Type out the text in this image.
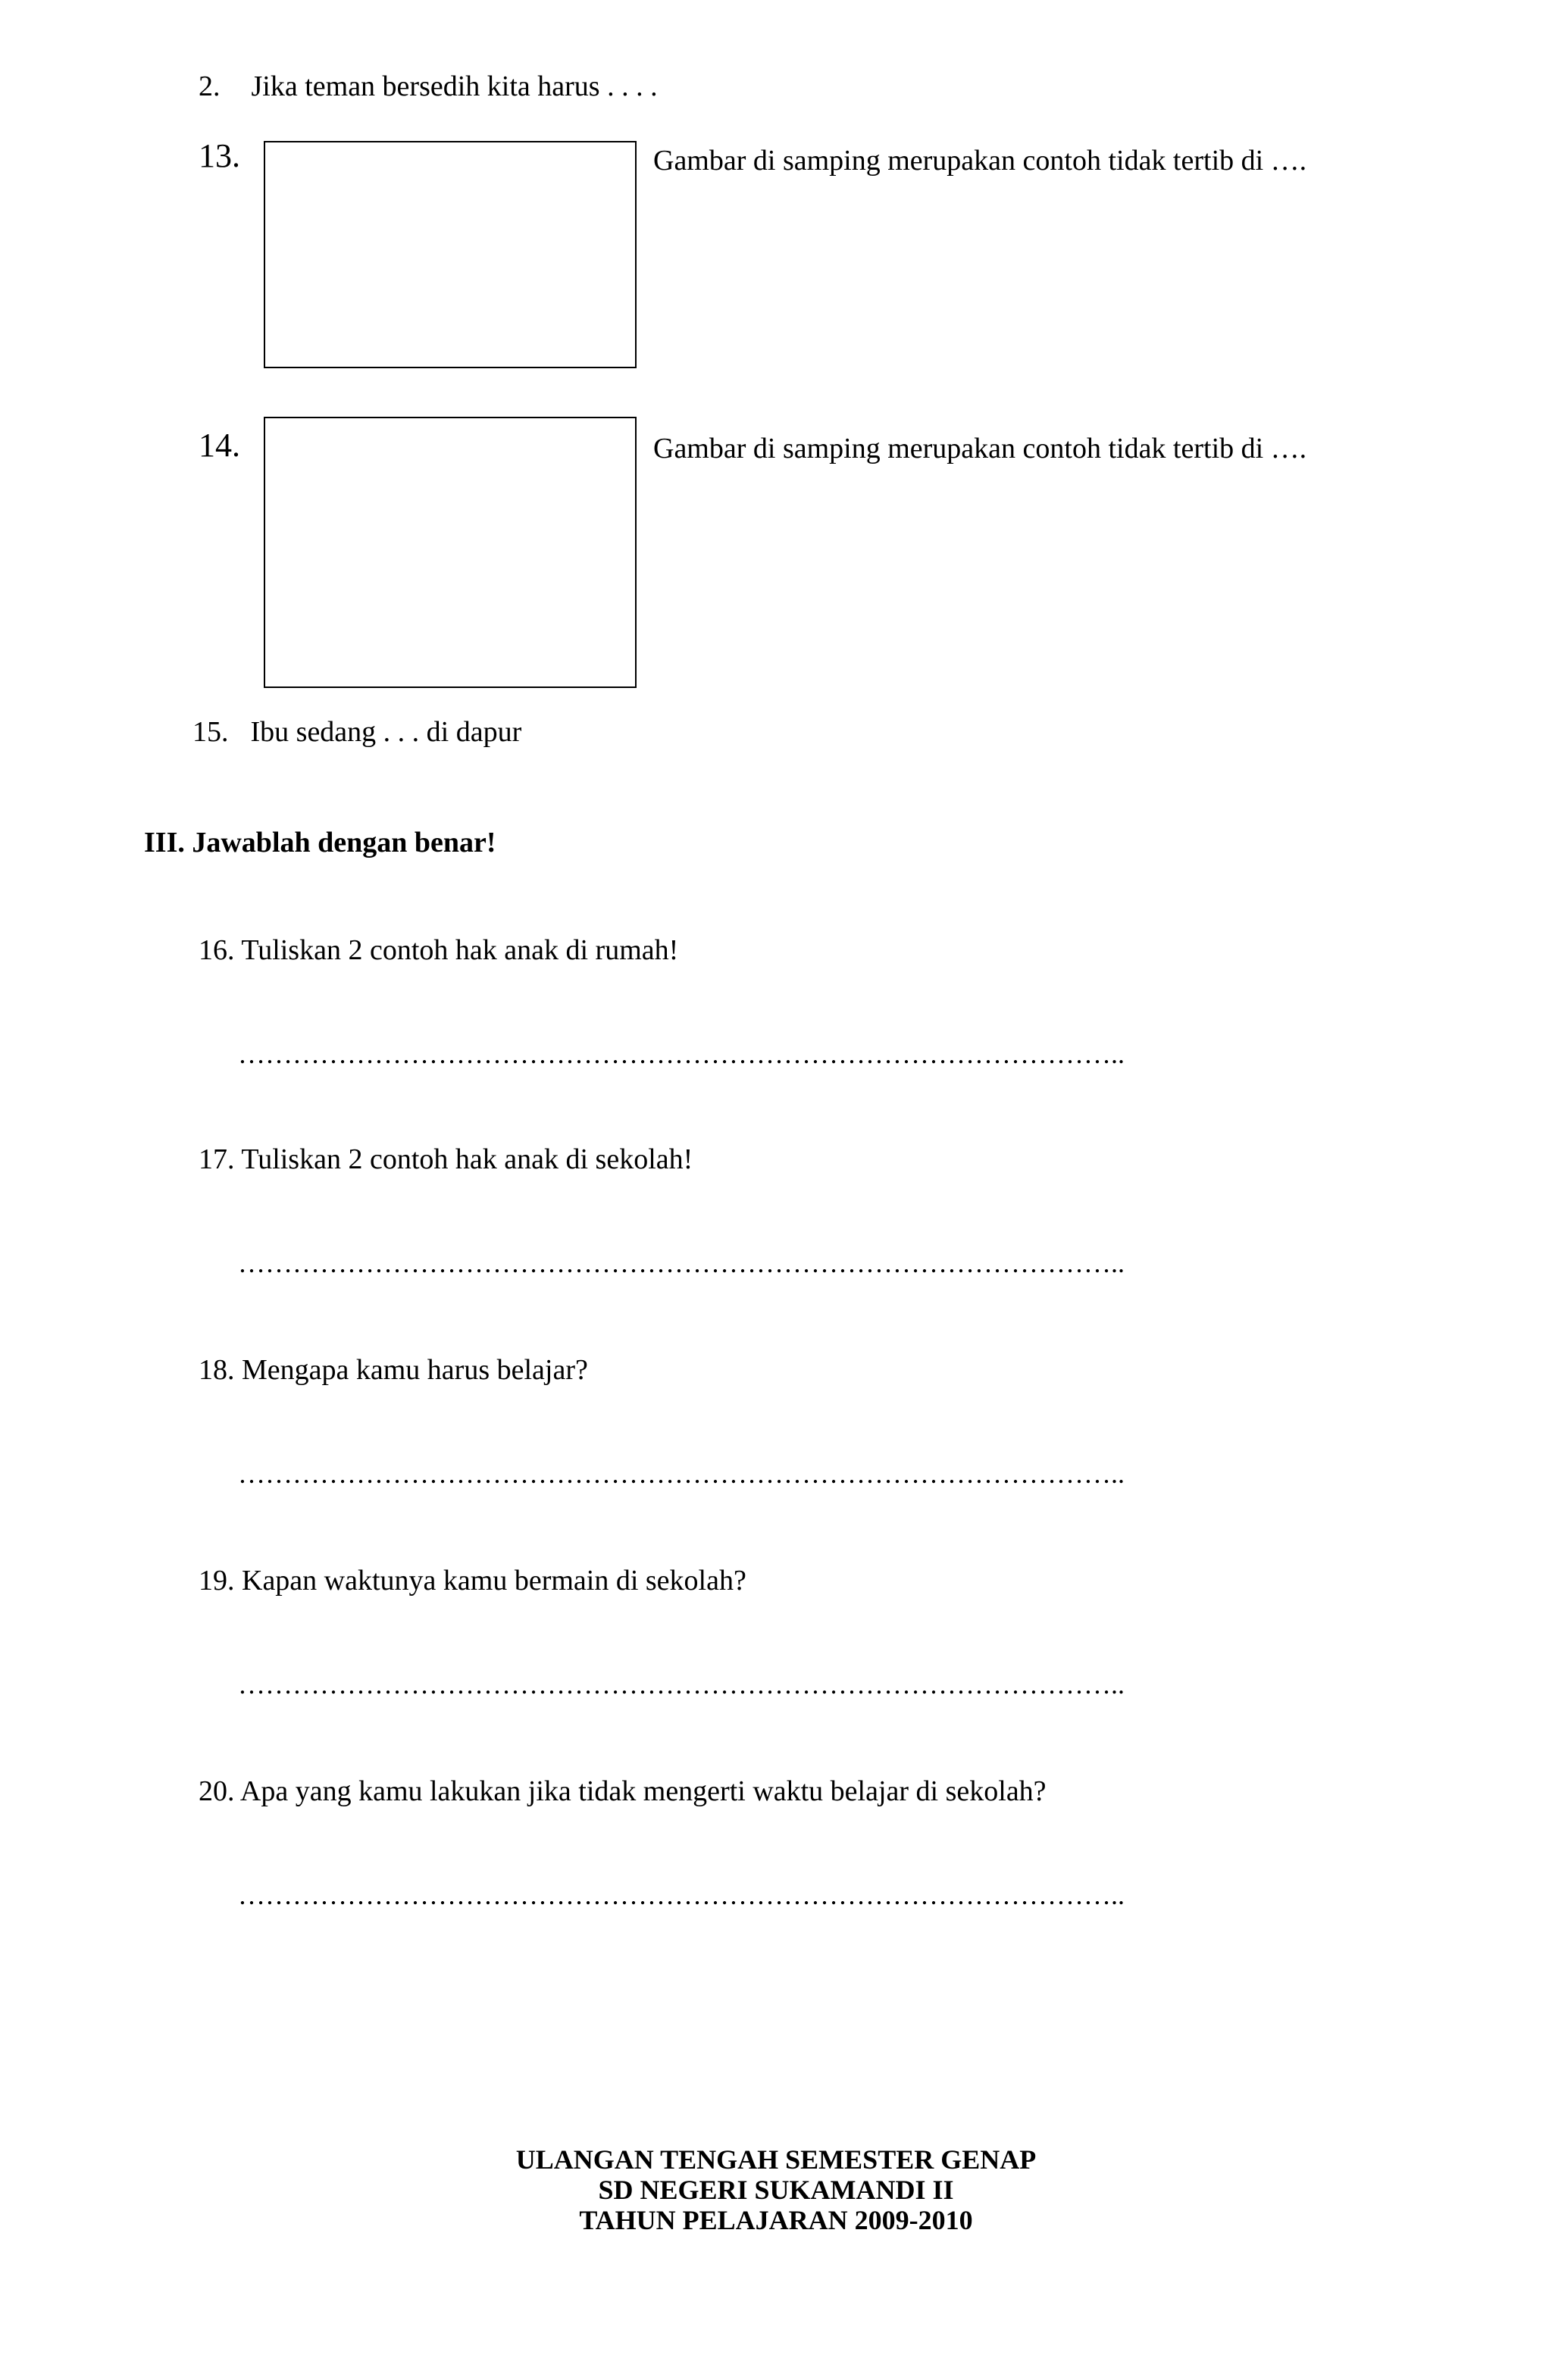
2. Jika teman bersedih kita harus . . . .
13.	Gambar di samping merupakan contoh tidak tertib di ….
14.	Gambar di samping merupakan contoh tidak tertib di ….
15. Ibu sedang . . . di dapur
III. Jawablah dengan benar!
16. Tuliskan 2 contoh hak anak di rumah!
……………………………………………………………………………………..
17. Tuliskan 2 contoh hak anak di sekolah!
……………………………………………………………………………………..
18. Mengapa kamu harus belajar?
……………………………………………………………………………………..
19. Kapan waktunya kamu bermain di sekolah?
……………………………………………………………………………………..
20. Apa yang kamu lakukan jika tidak mengerti waktu belajar di sekolah?
……………………………………………………………………………………..
ULANGAN TENGAH SEMESTER GENAP
SD NEGERI SUKAMANDI II
TAHUN PELAJARAN 2009-2010
